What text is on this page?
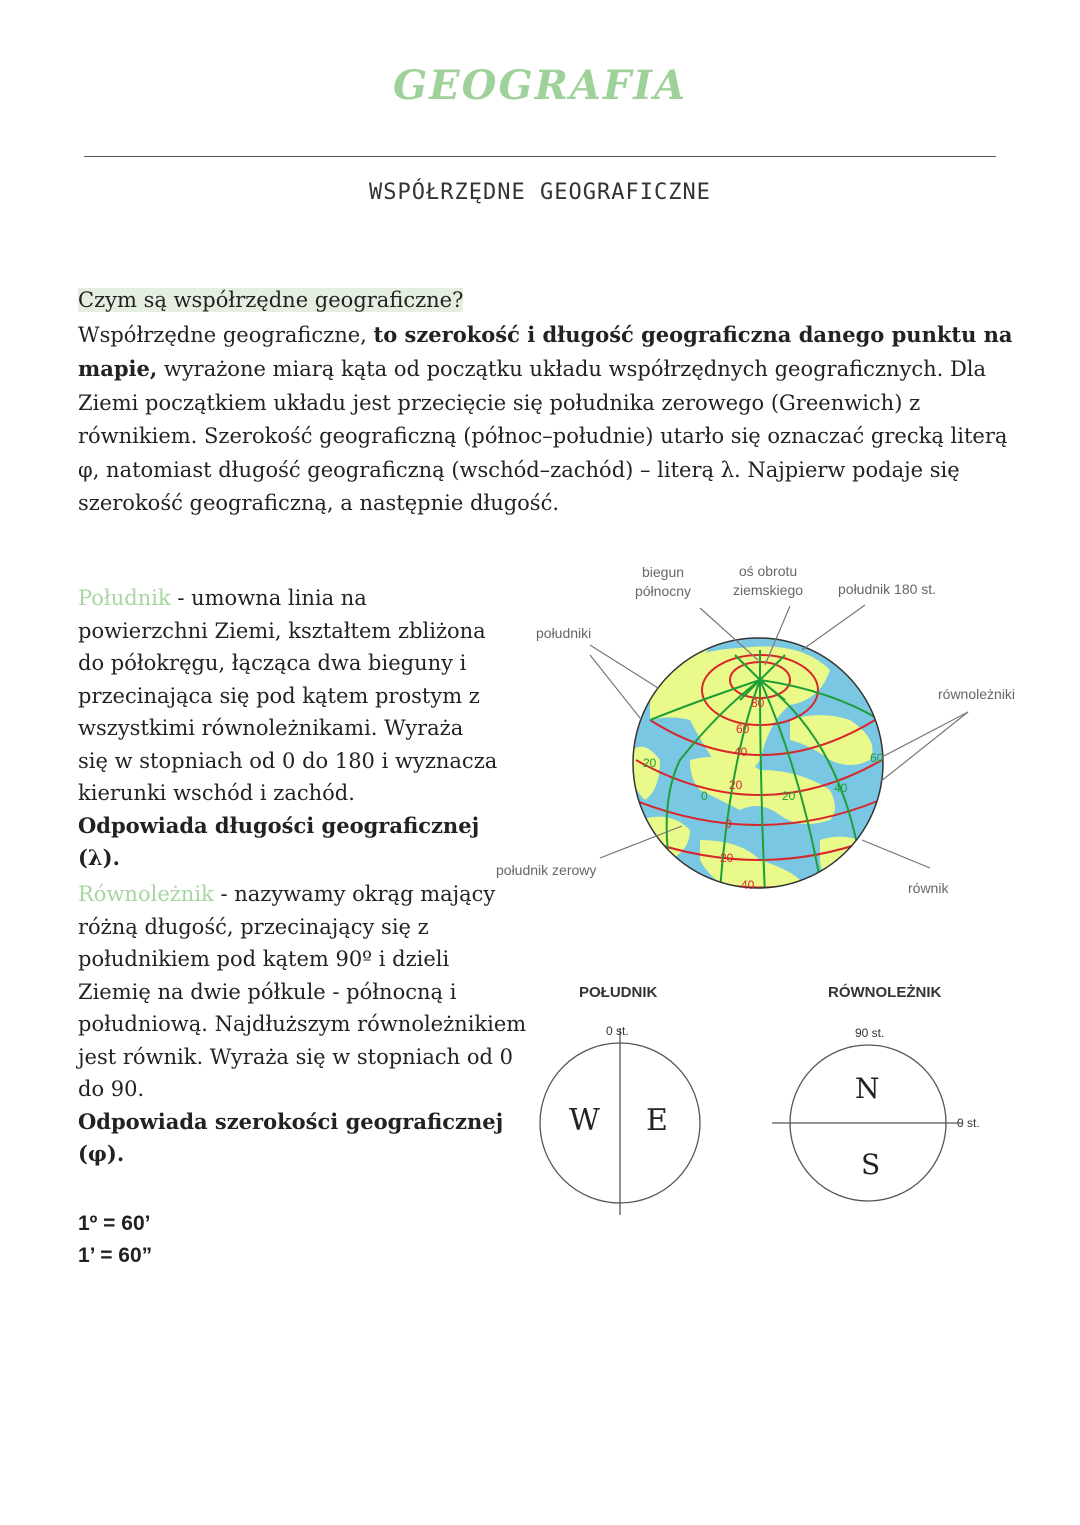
GEOGRAFIA
WSPÓŁRZĘDNE GEOGRAFICZNE
Czym są współrzędne geograficzne?
Współrzędne geograficzne, to szerokość i długość geograficzna danego punktu na mapie, wyrażone miarą kąta od początku układu współrzędnych geograficznych. Dla Ziemi początkiem układu jest przecięcie się południka zerowego (Greenwich) z równikiem. Szerokość geograficzną (północ–południe) utarło się oznaczać grecką literą φ, natomiast długość geograficzną (wschód–zachód) – literą λ. Najpierw podaje się szerokość geograficzną, a następnie długość.
Południk - umowna linia na powierzchni Ziemi, kształtem zbliżona do półokręgu, łącząca dwa bieguny i przecinająca się pod kątem prostym z wszystkimi równoleżnikami. Wyraża się w stopniach od 0 do 180 i wyznacza kierunki wschód i zachód.
Odpowiada długości geograficznej (λ).
Równoleżnik - nazywamy okrąg mający różną długość, przecinający się z południkiem pod kątem 90º i dzieli Ziemię na dwie półkule - północną i południową. Najdłuższym równoleżnikiem jest równik. Wyraża się w stopniach od 0 do 90.
Odpowiada szerokości geograficznej (φ).
1º = 60’
1’ = 60”
biegun
północny
oś obrotu
ziemskiego	południk 180 st.
południki
równoleżniki
południk zerowy
równik
POŁUDNIK	RÓWNOLEŻNIK
0 st.	90 st.
W E
N
S
0 st.
80
60
40
20
0
20
40
20
0	20
40
60
